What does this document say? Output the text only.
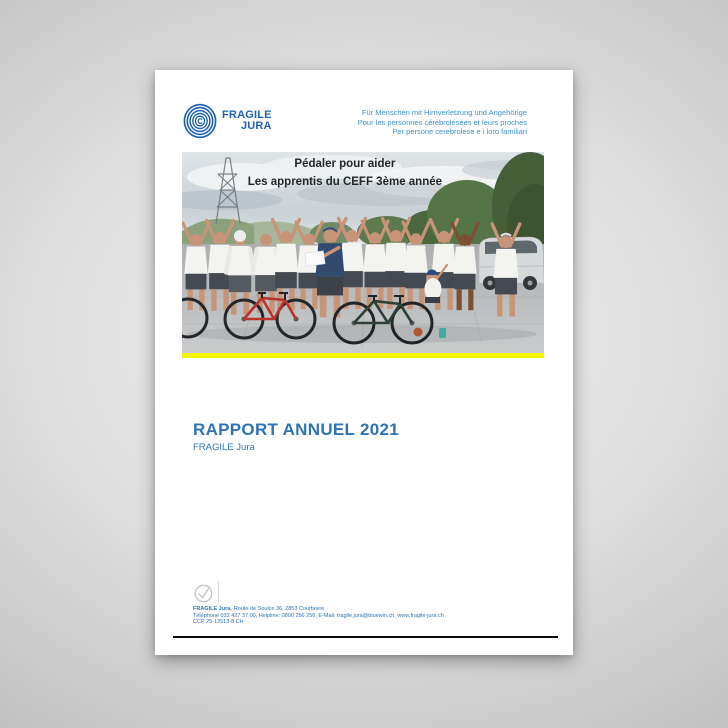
FRAGILE
JURA
Für Menschen mit Hirnverletzung und Angehörige
Pour les personnes cérébrolésées et leurs proches
Per persone cerebrolese e i loro familiari
Pédaler pour aider
Les apprentis du CEFF 3ème année
RAPPORT ANNUEL 2021
FRAGILE Jura
FRAGILE Jura, Route de Soulce 36, 2853 Courfaivre
Téléphone 032 427 37 00, Helpline: 0800 256 256, E-Mail: fragile.jura@bluewin.ch, www.fragile-jura.ch
CCP 25-13513-8 CH
